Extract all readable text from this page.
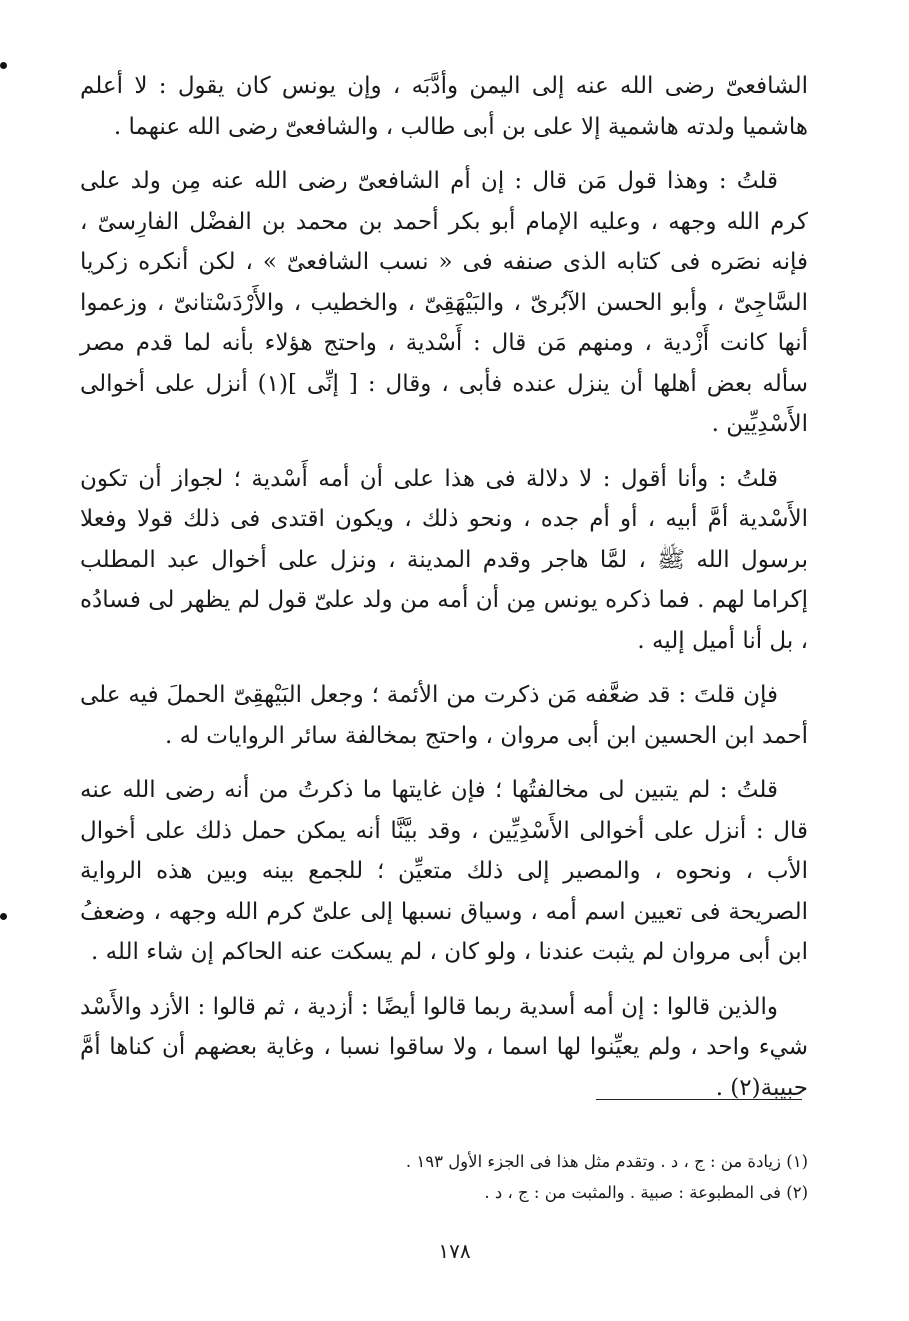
الشافعىّ رضى الله عنه إلى اليمن وأدَّبَه ، وإن يونس كان يقول : لا أعلم هاشميا ولدته هاشمية إلا على بن أبى طالب ، والشافعىّ رضى الله عنهما .

قلتُ : وهذا قول مَن قال : إن أم الشافعىّ رضى الله عنه مِن ولد على كرم الله وجهه ، وعليه الإمام أبو بكر أحمد بن محمد بن الفضْل الفارِسىّ ، فإنه نصَره فى كتابه الذى صنفه فى « نسب الشافعىّ » ، لكن أنكره زكريا السَّاجِىّ ، وأبو الحسن الآبُرىّ ، والبَيْهَقِىّ ، والخطيب ، والأَرْدَسْتانىّ ، وزعموا أنها كانت أَزْدية ، ومنهم مَن قال : أَسْدية ، واحتج هؤلاء بأنه لما قدم مصر سأله بعض أهلها أن ينزل عنده فأبى ، وقال : [ إنِّى ](١) أنزل على أخوالى الأَسْدِيِّين .

قلتُ : وأنا أقول : لا دلالة فى هذا على أن أمه أَسْدية ؛ لجواز أن تكون الأَسْدية أمَّ أبيه ، أو أم جده ، ونحو ذلك ، ويكون اقتدى فى ذلك قولا وفعلا برسول الله ﷺ ، لمَّا هاجر وقدم المدينة ، ونزل على أخوال عبد المطلب إكراما لهم . فما ذكره يونس مِن أن أمه من ولد علىّ قول لم يظهر لى فسادُه ، بل أنا أميل إليه .

فإن قلتَ : قد ضعَّفه مَن ذكرت من الأئمة ؛ وجعل البَيْهقِىّ الحملَ فيه على أحمد ابن الحسين ابن أبى مروان ، واحتج بمخالفة سائر الروايات له .

قلتُ : لم يتبين لى مخالفتُها ؛ فإن غايتها ما ذكرتُ من أنه رضى الله عنه قال : أنزل على أخوالى الأَسْدِيِّين ، وقد بيَّنَّا أنه يمكن حمل ذلك على أخوال الأب ، ونحوه ، والمصير إلى ذلك متعيِّن ؛ للجمع بينه وبين هذه الرواية الصريحة فى تعيين اسم أمه ، وسياق نسبها إلى علىّ كرم الله وجهه ، وضعفُ ابن أبى مروان لم يثبت عندنا ، ولو كان ، لم يسكت عنه الحاكم إن شاء الله .

والذين قالوا : إن أمه أسدية ربما قالوا أيضًا : أزدية ، ثم قالوا : الأزد والأَسْد شيء واحد ، ولم يعيِّنوا لها اسما ، ولا ساقوا نسبا ، وغاية بعضهم أن كناها أمَّ حبيبة(٢) .

(١) زيادة من : ج ، د . وتقدم مثل هذا فى الجزء الأول ١٩٣ .

(٢) فى المطبوعة : صبية . والمثبت من : ج ، د .

١٧٨
